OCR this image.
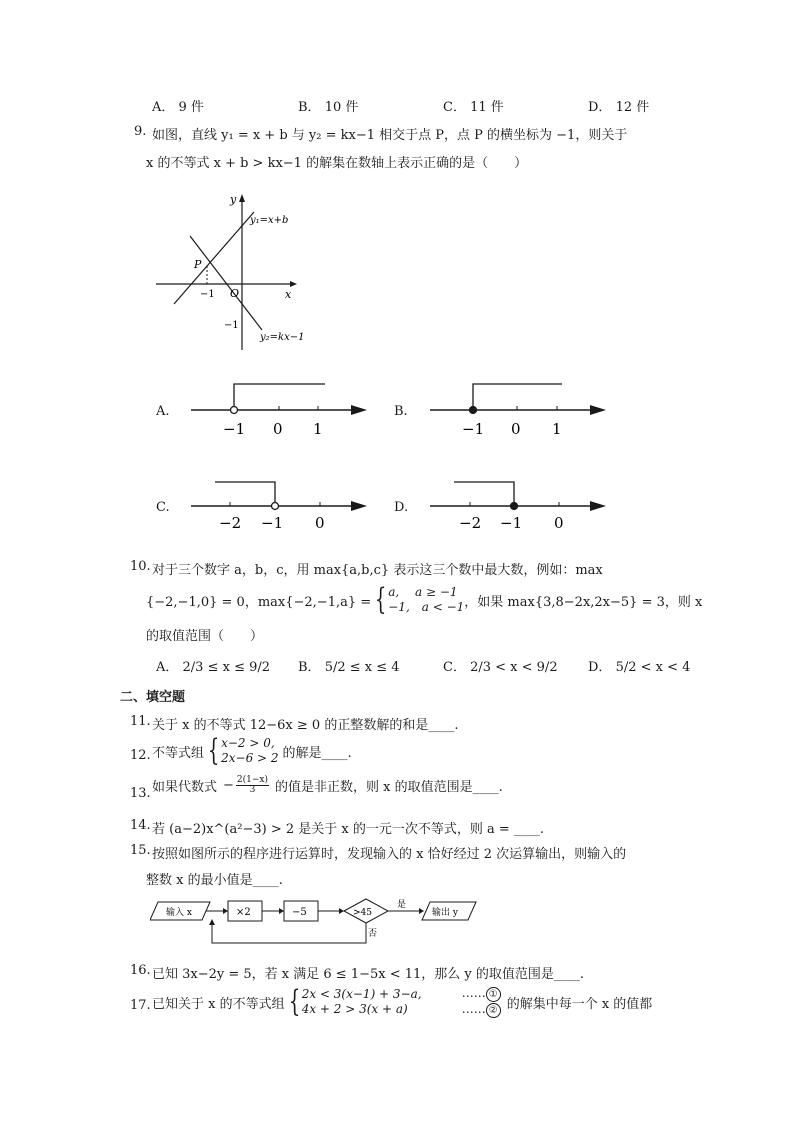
A． 9 件	B． 10 件	C． 11 件	D． 12 件
9. 如图，直线 y₁ = x + b 与 y₂ = kx−1 相交于点 P，点 P 的横坐标为 −1，则关于
x 的不等式 x + b > kx−1 的解集在数轴上表示正确的是（　　）
y
x
O
P
−1
−1
y₁=x+b
y₂=kx−1
A.
−1 0 1
B.
−1 0 1
C.
−2 −1 0
D.
−2 −1 0
10. 对于三个数字 a，b，c，用 max{a,b,c} 表示这三个数中最大数，例如：max
{−2,−1,0} = 0，max{−2,−1,a} = { a,　 a ≥ −1
−1,　a < −1 ，如果 max{3,8−2x,2x−5} = 3，则 x
的取值范围（　　）
A． 2/3 ≤ x ≤ 9/2 B． 5/2 ≤ x ≤ 4	C． 2/3 < x < 9/2 D． 5/2 < x < 4
二、填空题
11. 关于 x 的不等式 12−6x ≥ 0 的正整数解的和是____.
12. 不等式组 { x−2 > 0,
2x−6 > 2 的解是____.
13. 如果代数式 − $\frac{2(1-x)}{3}$ 的值是非正数，则 x 的取值范围是____.
14. 若 (a−2)x^(a²−3) > 2 是关于 x 的一元一次不等式，则 a = ____.
15. 按照如图所示的程序进行运算时，发现输入的 x 恰好经过 2 次运算输出，则输入的
整数 x 的最小值是____.
输入 x	×2	−5	>45
是
输出 y
否
16. 已知 3x−2y = 5，若 x 满足 6 ≤ 1−5x < 11，那么 y 的取值范围是____.
17. 已知关于 x 的不等式组 { 2x < 3(x−1) + 3−a,
4x + 2 > 3(x + a)
…… ①
…… ② 的解集中每一个 x 的值都
